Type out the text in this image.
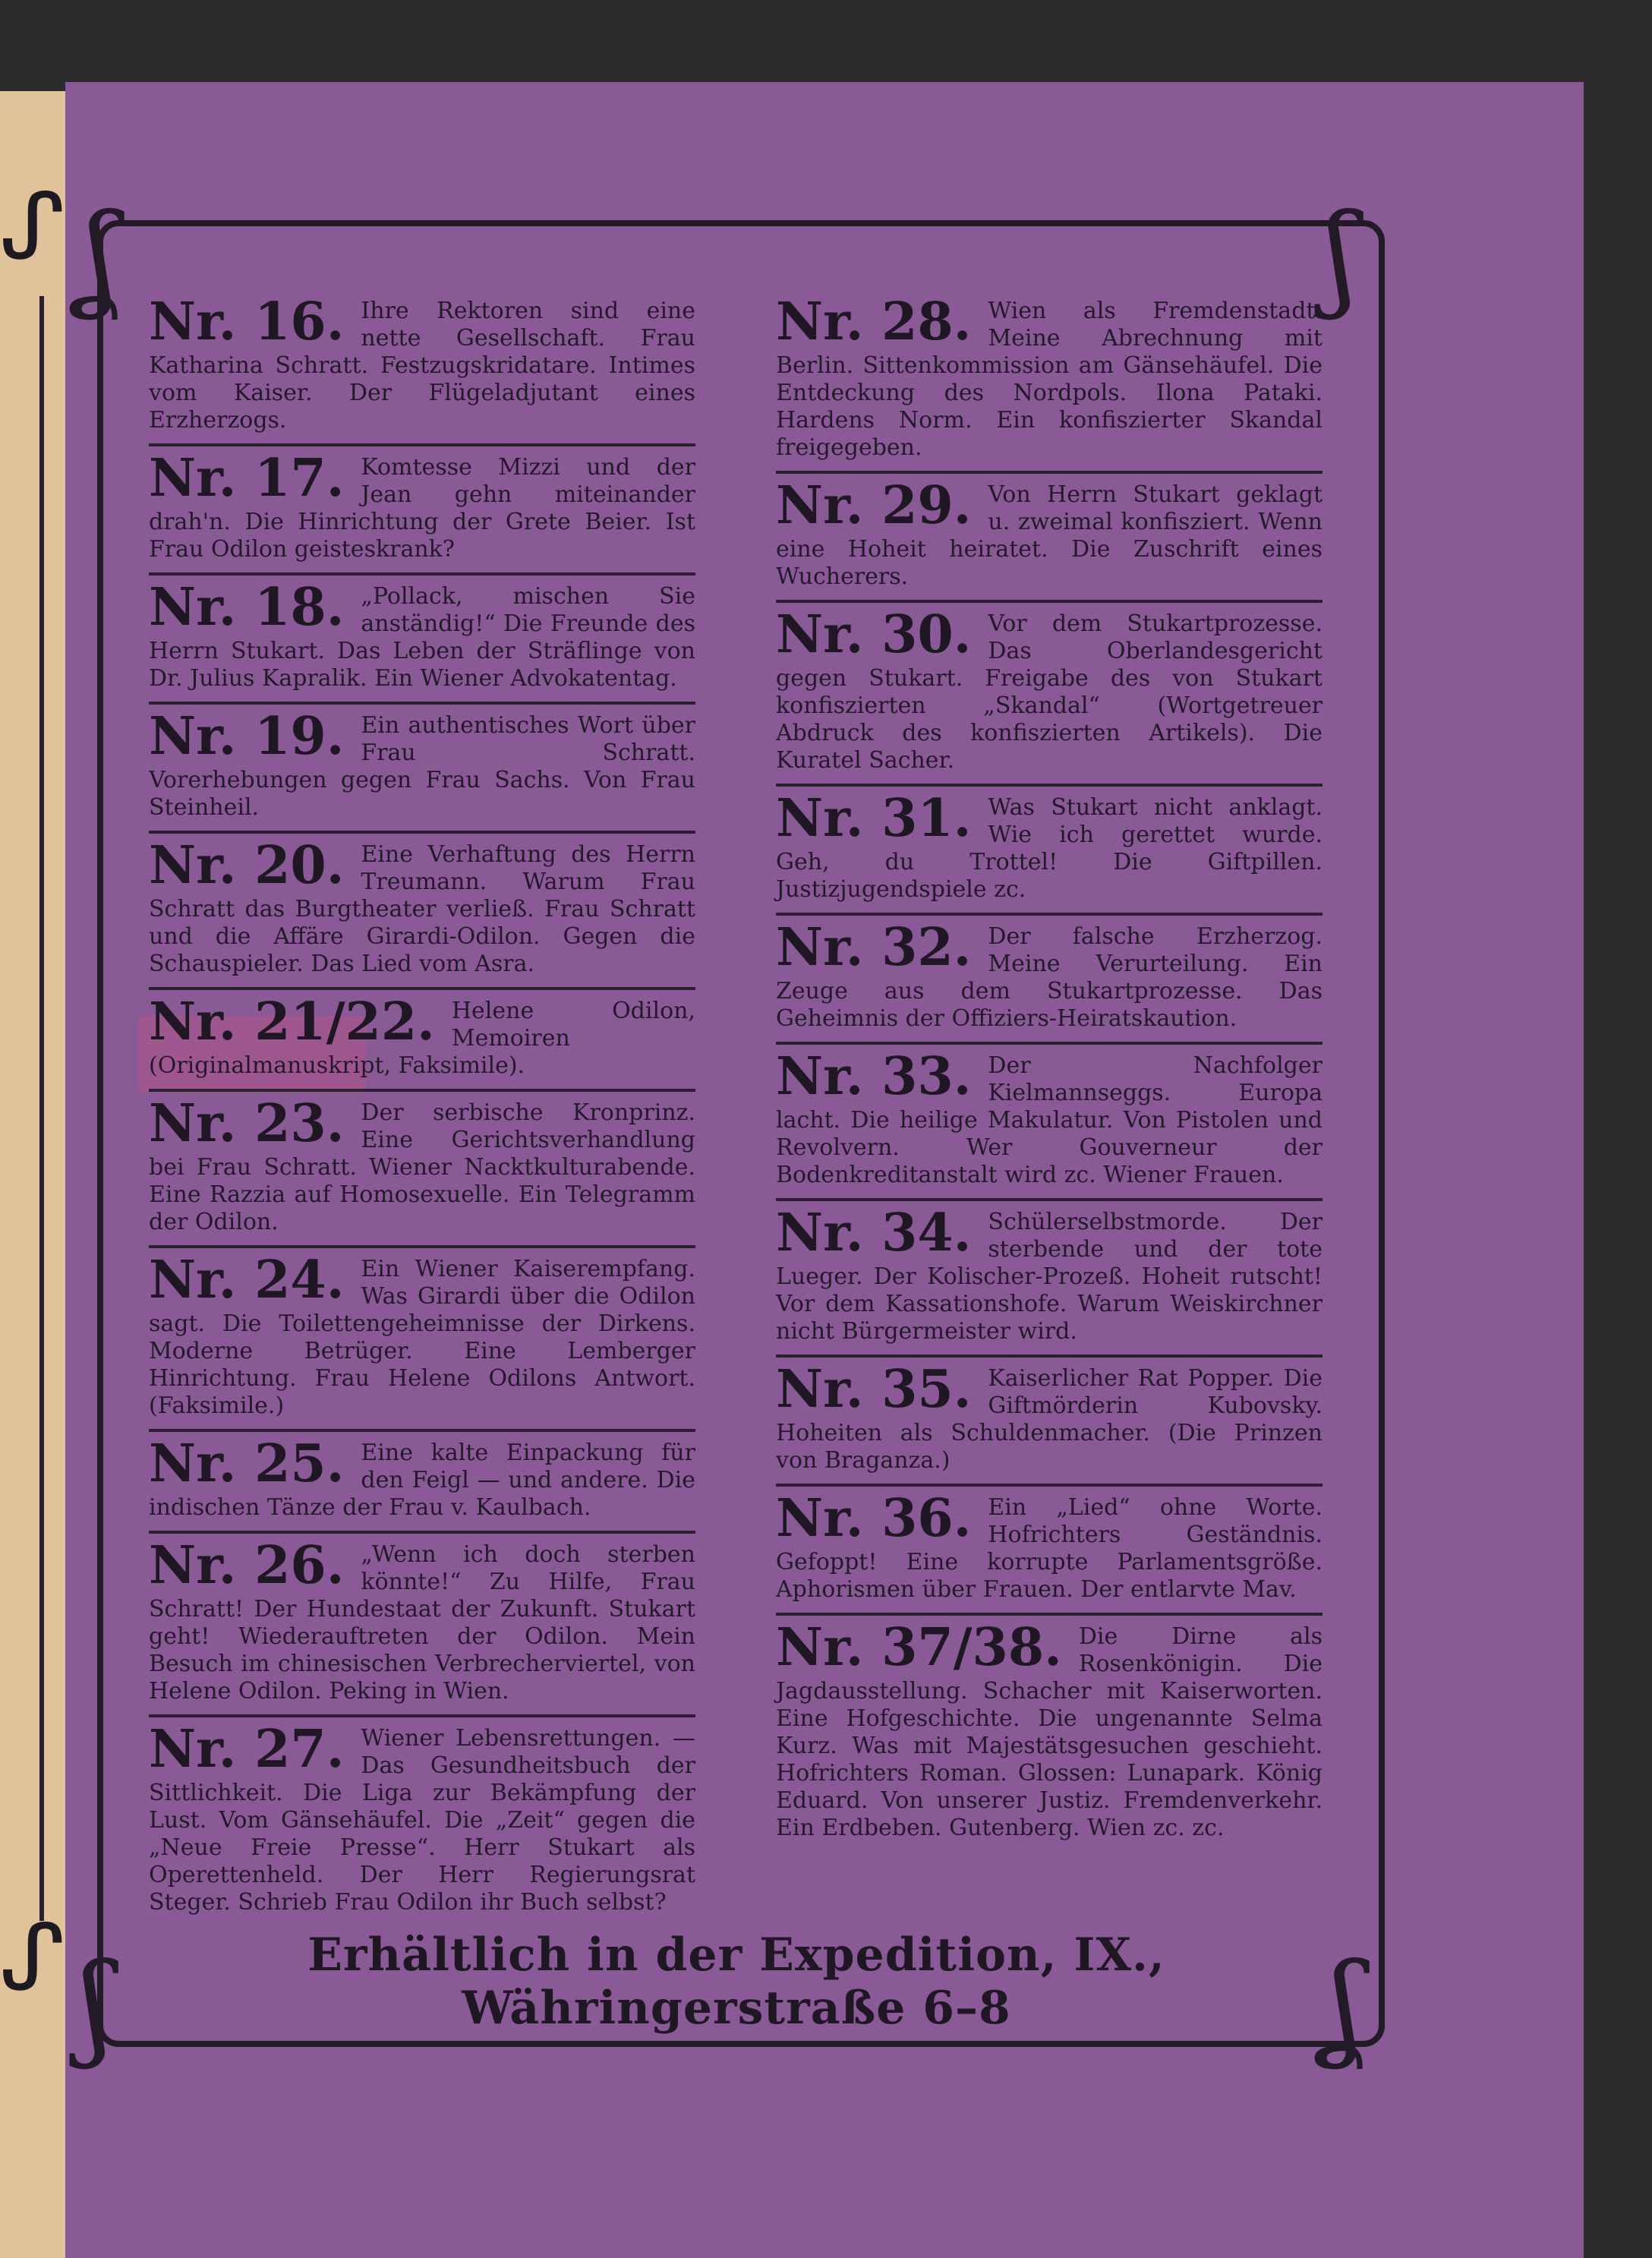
ᔑ
ᔑ
ʆ	ʃ
ʃ	ʆ
Nr. 16. Ihre Rektoren sind eine nette Gesellschaft. Frau Katharina Schratt. Festzugskridatare. Intimes vom Kaiser. Der Flügeladjutant eines Erzherzogs.
Nr. 17. Komtesse Mizzi und der Jean gehn miteinander drah'n. Die Hinrichtung der Grete Beier. Ist Frau Odilon geisteskrank?
Nr. 18. „Pollack, mischen Sie anständig!“ Die Freunde des Herrn Stukart. Das Leben der Sträflinge von Dr. Julius Kapralik. Ein Wiener Advokatentag.
Nr. 19. Ein authentisches Wort über Frau Schratt. Vorerhebungen gegen Frau Sachs. Von Frau Steinheil.
Nr. 20. Eine Verhaftung des Herrn Treumann. Warum Frau Schratt das Burgtheater verließ. Frau Schratt und die Affäre Girardi-Odilon. Gegen die Schauspieler. Das Lied vom Asra.
Nr. 21/22. Helene Odilon, Memoiren (Originalmanuskript, Faksimile).
Nr. 23. Der serbische Kronprinz. Eine Gerichtsverhandlung bei Frau Schratt. Wiener Nacktkulturabende. Eine Razzia auf Homosexuelle. Ein Telegramm der Odilon.
Nr. 24. Ein Wiener Kaiserempfang. Was Girardi über die Odilon sagt. Die Toilettengeheimnisse der Dirkens. Moderne Betrüger. Eine Lemberger Hinrichtung. Frau Helene Odilons Antwort. (Faksimile.)
Nr. 25. Eine kalte Einpackung für den Feigl — und andere. Die indischen Tänze der Frau v. Kaulbach.
Nr. 26. „Wenn ich doch sterben könnte!“ Zu Hilfe, Frau Schratt! Der Hundestaat der Zukunft. Stukart geht! Wiederauftreten der Odilon. Mein Besuch im chinesischen Verbrecherviertel, von Helene Odilon. Peking in Wien.
Nr. 27. Wiener Lebensrettungen. — Das Gesundheitsbuch der Sittlichkeit. Die Liga zur Bekämpfung der Lust. Vom Gänsehäufel. Die „Zeit“ gegen die „Neue Freie Presse“. Herr Stukart als Operettenheld. Der Herr Regierungsrat Steger. Schrieb Frau Odilon ihr Buch selbst?
Nr. 28. Wien als Fremdenstadt. Meine Abrechnung mit Berlin. Sittenkommission am Gänsehäufel. Die Entdeckung des Nordpols. Ilona Pataki. Hardens Norm. Ein konfiszierter Skandal freigegeben.
Nr. 29. Von Herrn Stukart geklagt u. zweimal konfisziert. Wenn eine Hoheit heiratet. Die Zuschrift eines Wucherers.
Nr. 30. Vor dem Stukartprozesse. Das Oberlandesgericht gegen Stukart. Freigabe des von Stukart konfiszierten „Skandal“ (Wortgetreuer Abdruck des konfiszierten Artikels). Die Kuratel Sacher.
Nr. 31. Was Stukart nicht anklagt. Wie ich gerettet wurde. Geh, du Trottel! Die Giftpillen. Justizjugendspiele zc.
Nr. 32. Der falsche Erzherzog. Meine Verurteilung. Ein Zeuge aus dem Stukartprozesse. Das Geheimnis der Offiziers-Heiratskaution.
Nr. 33. Der Nachfolger Kielmannseggs. Europa lacht. Die heilige Makulatur. Von Pistolen und Revolvern. Wer Gouverneur der Bodenkreditanstalt wird zc. Wiener Frauen.
Nr. 34. Schülerselbstmorde. Der sterbende und der tote Lueger. Der Kolischer-Prozeß. Hoheit rutscht! Vor dem Kassationshofe. Warum Weiskirchner nicht Bürgermeister wird.
Nr. 35. Kaiserlicher Rat Popper. Die Giftmörderin Kubovsky. Hoheiten als Schuldenmacher. (Die Prinzen von Braganza.)
Nr. 36. Ein „Lied“ ohne Worte. Hofrichters Geständnis. Gefoppt! Eine korrupte Parlamentsgröße. Aphorismen über Frauen. Der entlarvte Mav.
Nr. 37/38. Die Dirne als Rosenkönigin. Die Jagdausstellung. Schacher mit Kaiserworten. Eine Hofgeschichte. Die ungenannte Selma Kurz. Was mit Majestätsgesuchen geschieht. Hofrichters Roman. Glossen: Lunapark. König Eduard. Von unserer Justiz. Fremdenverkehr. Ein Erdbeben. Gutenberg. Wien zc. zc.
Erhältlich in der Expedition, IX., Währingerstraße 6–8
